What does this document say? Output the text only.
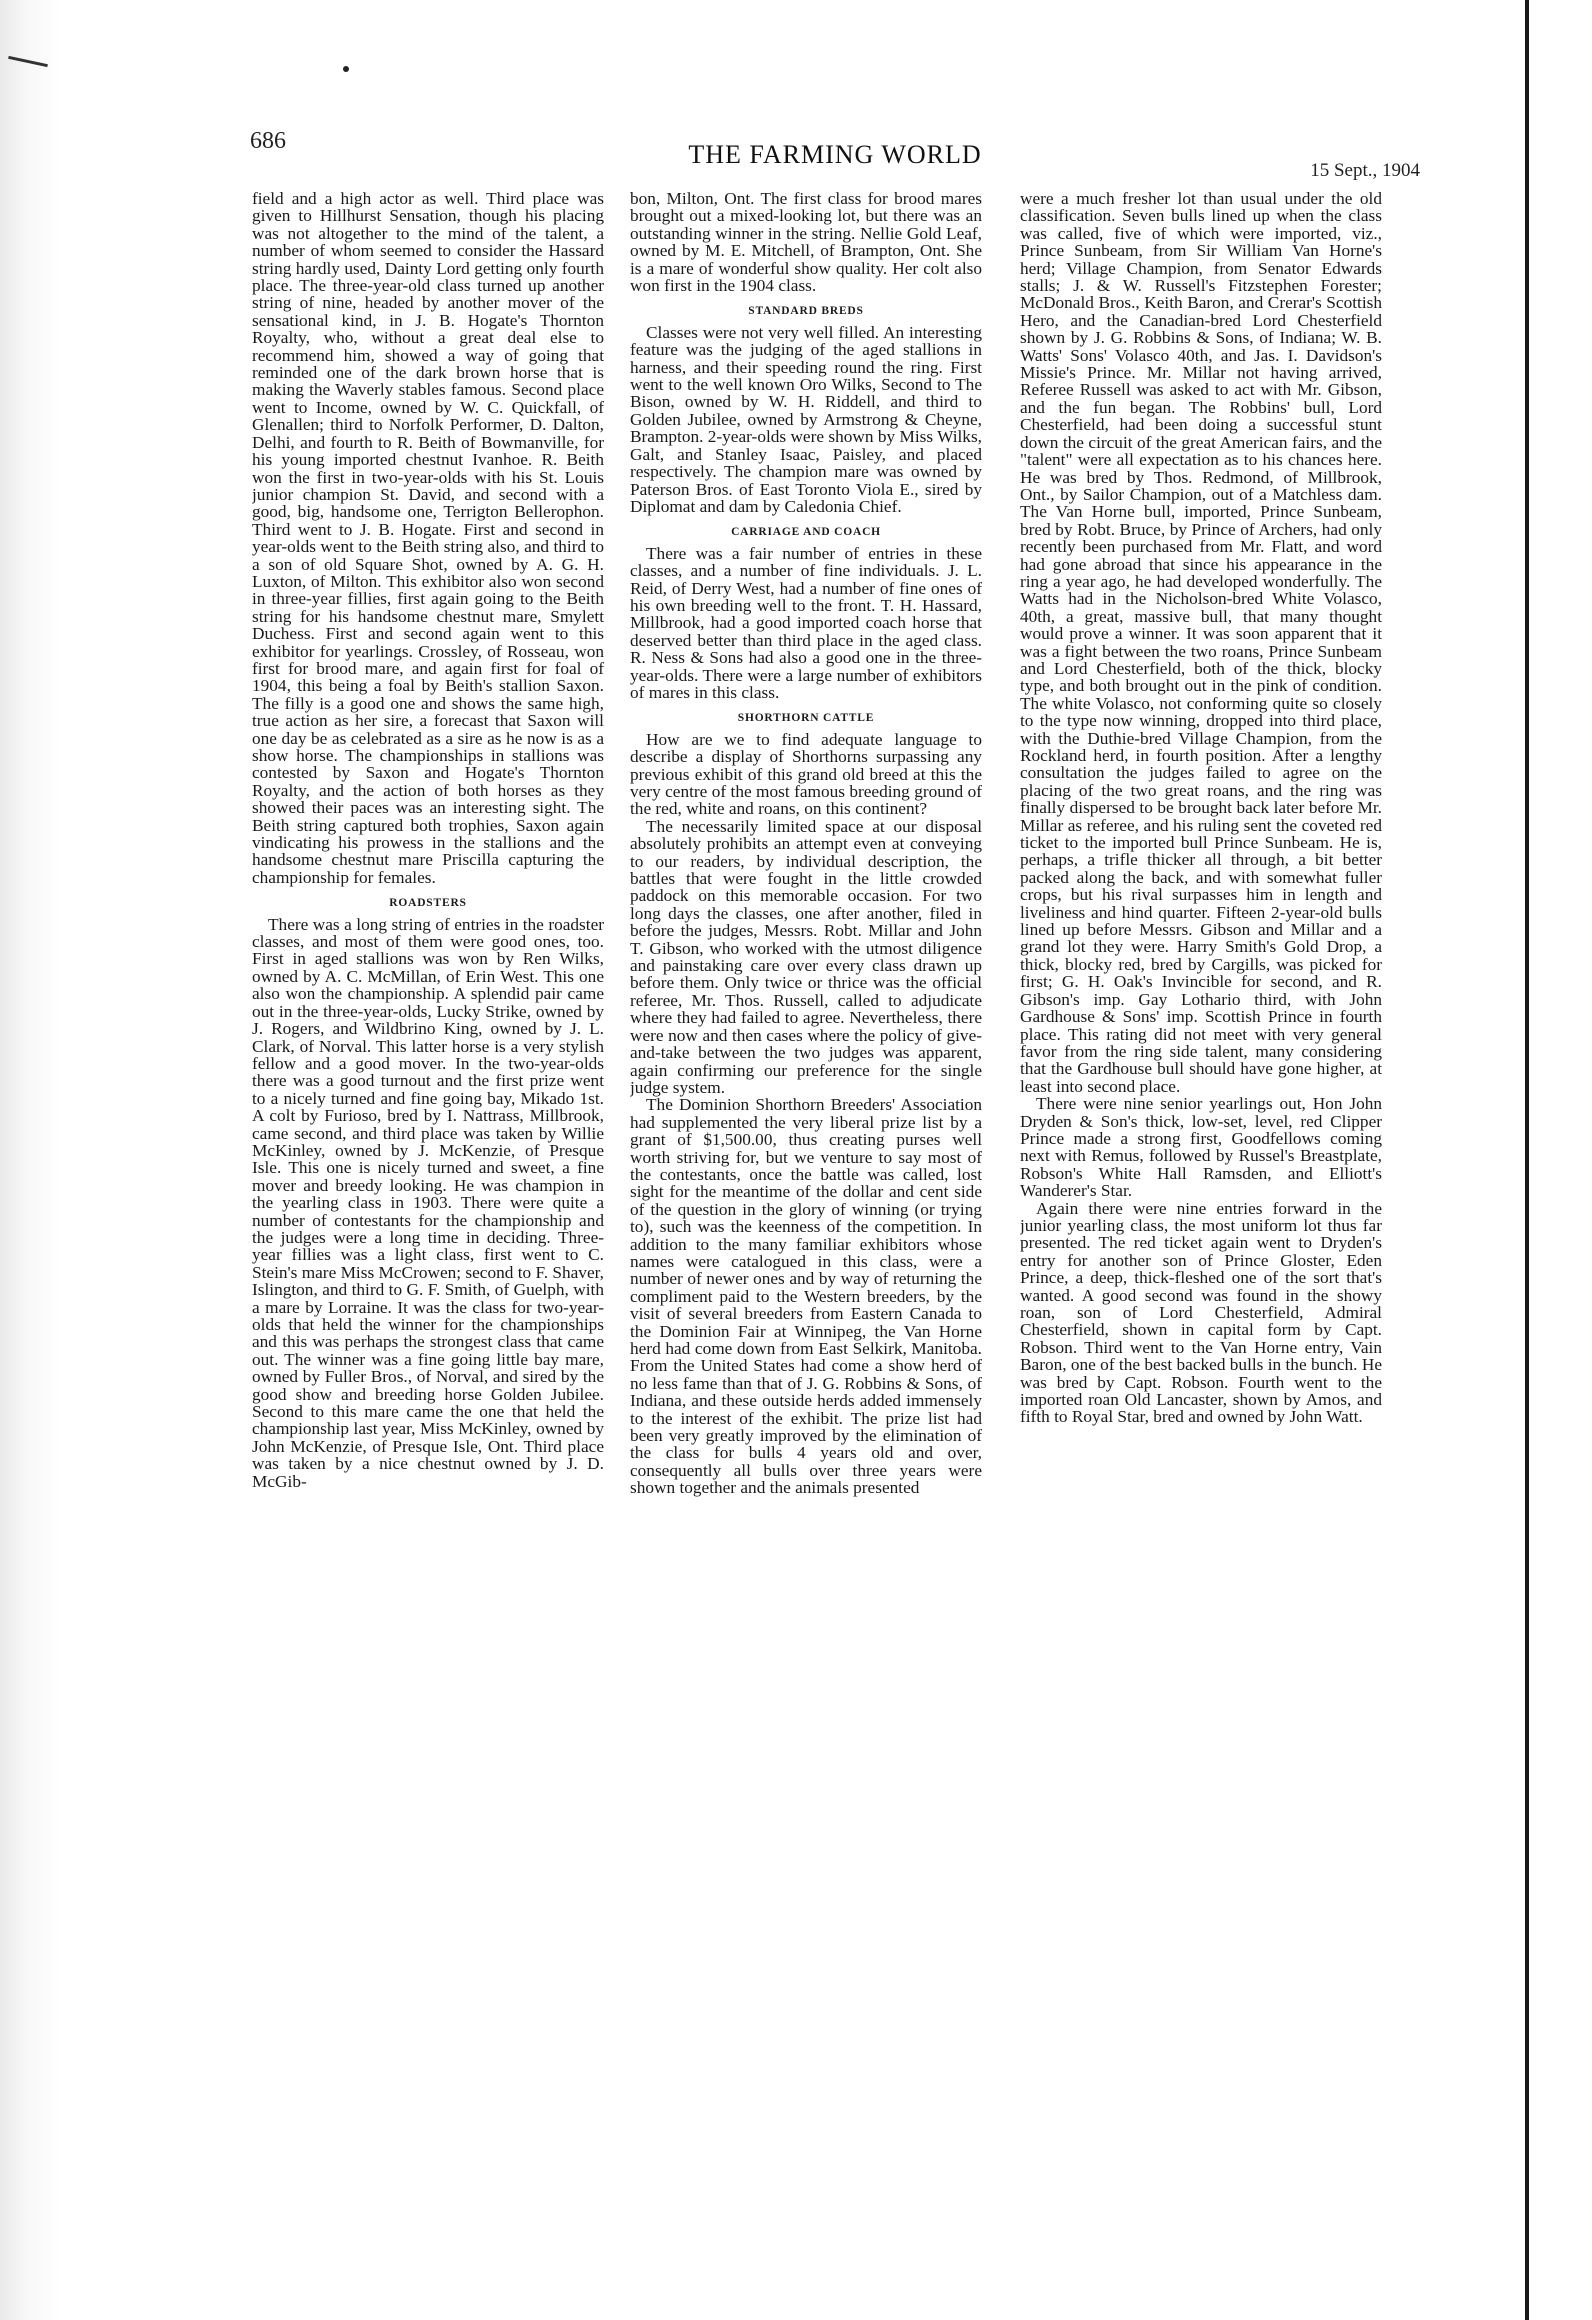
686	THE FARMING WORLD
15 Sept., 1904

field and a high actor as well. Third place was given to Hillhurst Sensation, though his placing was not altogether to the mind of the talent, a number of whom seemed to consider the Hassard string hardly used, Dainty Lord getting only fourth place. The three-year-old class turned up another string of nine, headed by another mover of the sensational kind, in J. B. Hogate's Thornton Royalty, who, without a great deal else to recommend him, showed a way of going that reminded one of the dark brown horse that is making the Waverly stables famous. Second place went to Income, owned by W. C. Quickfall, of Glenallen; third to Norfolk Performer, D. Dalton, Delhi, and fourth to R. Beith of Bowmanville, for his young imported chestnut Ivanhoe. R. Beith won the first in two-year-olds with his St. Louis junior champion St. David, and second with a good, big, handsome one, Terrigton Bellerophon. Third went to J. B. Hogate. First and second in year-olds went to the Beith string also, and third to a son of old Square Shot, owned by A. G. H. Luxton, of Milton. This exhibitor also won second in three-year fillies, first again going to the Beith string for his handsome chestnut mare, Smylett Duchess. First and second again went to this exhibitor for yearlings. Crossley, of Rosseau, won first for brood mare, and again first for foal of 1904, this being a foal by Beith's stallion Saxon. The filly is a good one and shows the same high, true action as her sire, a forecast that Saxon will one day be as celebrated as a sire as he now is as a show horse. The championships in stallions was contested by Saxon and Hogate's Thornton Royalty, and the action of both horses as they showed their paces was an interesting sight. The Beith string captured both trophies, Saxon again vindicating his prowess in the stallions and the handsome chestnut mare Priscilla capturing the championship for females.

ROADSTERS

There was a long string of entries in the roadster classes, and most of them were good ones, too. First in aged stallions was won by Ren Wilks, owned by A. C. McMillan, of Erin West. This one also won the championship. A splendid pair came out in the three-year-olds, Lucky Strike, owned by J. Rogers, and Wildbrino King, owned by J. L. Clark, of Norval. This latter horse is a very stylish fellow and a good mover. In the two-year-olds there was a good turnout and the first prize went to a nicely turned and fine going bay, Mikado 1st. A colt by Furioso, bred by I. Nattrass, Millbrook, came second, and third place was taken by Willie McKinley, owned by J. McKenzie, of Presque Isle. This one is nicely turned and sweet, a fine mover and breedy looking. He was champion in the yearling class in 1903. There were quite a number of contestants for the championship and the judges were a long time in deciding. Three-year fillies was a light class, first went to C. Stein's mare Miss McCrowen; second to F. Shaver, Islington, and third to G. F. Smith, of Guelph, with a mare by Lorraine. It was the class for two-year-olds that held the winner for the championships and this was perhaps the strongest class that came out. The winner was a fine going little bay mare, owned by Fuller Bros., of Norval, and sired by the good show and breeding horse Golden Jubilee. Second to this mare came the one that held the championship last year, Miss McKinley, owned by John McKenzie, of Presque Isle, Ont. Third place was taken by a nice chestnut owned by J. D. McGib-

bon, Milton, Ont. The first class for brood mares brought out a mixed-looking lot, but there was an outstanding winner in the string. Nellie Gold Leaf, owned by M. E. Mitchell, of Brampton, Ont. She is a mare of wonderful show quality. Her colt also won first in the 1904 class.

STANDARD BREDS

Classes were not very well filled. An interesting feature was the judging of the aged stallions in harness, and their speeding round the ring. First went to the well known Oro Wilks, Second to The Bison, owned by W. H. Riddell, and third to Golden Jubilee, owned by Armstrong & Cheyne, Brampton. 2-year-olds were shown by Miss Wilks, Galt, and Stanley Isaac, Paisley, and placed respectively. The champion mare was owned by Paterson Bros. of East Toronto Viola E., sired by Diplomat and dam by Caledonia Chief.

CARRIAGE AND COACH

There was a fair number of entries in these classes, and a number of fine individuals. J. L. Reid, of Derry West, had a number of fine ones of his own breeding well to the front. T. H. Hassard, Millbrook, had a good imported coach horse that deserved better than third place in the aged class. R. Ness & Sons had also a good one in the three-year-olds. There were a large number of exhibitors of mares in this class.

SHORTHORN CATTLE

How are we to find adequate language to describe a display of Shorthorns surpassing any previous exhibit of this grand old breed at this the very centre of the most famous breeding ground of the red, white and roans, on this continent?

The necessarily limited space at our disposal absolutely prohibits an attempt even at conveying to our readers, by individual description, the battles that were fought in the little crowded paddock on this memorable occasion. For two long days the classes, one after another, filed in before the judges, Messrs. Robt. Millar and John T. Gibson, who worked with the utmost diligence and painstaking care over every class drawn up before them. Only twice or thrice was the official referee, Mr. Thos. Russell, called to adjudicate where they had failed to agree. Nevertheless, there were now and then cases where the policy of give-and-take between the two judges was apparent, again confirming our preference for the single judge system.

The Dominion Shorthorn Breeders' Association had supplemented the very liberal prize list by a grant of $1,500.00, thus creating purses well worth striving for, but we venture to say most of the contestants, once the battle was called, lost sight for the meantime of the dollar and cent side of the question in the glory of winning (or trying to), such was the keenness of the competition. In addition to the many familiar exhibitors whose names were catalogued in this class, were a number of newer ones and by way of returning the compliment paid to the Western breeders, by the visit of several breeders from Eastern Canada to the Dominion Fair at Winnipeg, the Van Horne herd had come down from East Selkirk, Manitoba. From the United States had come a show herd of no less fame than that of J. G. Robbins & Sons, of Indiana, and these outside herds added immensely to the interest of the exhibit. The prize list had been very greatly improved by the elimination of the class for bulls 4 years old and over, consequently all bulls over three years were shown together and the animals presented

were a much fresher lot than usual under the old classification. Seven bulls lined up when the class was called, five of which were imported, viz., Prince Sunbeam, from Sir William Van Horne's herd; Village Champion, from Senator Edwards stalls; J. & W. Russell's Fitzstephen Forester; McDonald Bros., Keith Baron, and Crerar's Scottish Hero, and the Canadian-bred Lord Chesterfield shown by J. G. Robbins & Sons, of Indiana; W. B. Watts' Sons' Volasco 40th, and Jas. I. Davidson's Missie's Prince. Mr. Millar not having arrived, Referee Russell was asked to act with Mr. Gibson, and the fun began. The Robbins' bull, Lord Chesterfield, had been doing a successful stunt down the circuit of the great American fairs, and the "talent" were all expectation as to his chances here. He was bred by Thos. Redmond, of Millbrook, Ont., by Sailor Champion, out of a Matchless dam. The Van Horne bull, imported, Prince Sunbeam, bred by Robt. Bruce, by Prince of Archers, had only recently been purchased from Mr. Flatt, and word had gone abroad that since his appearance in the ring a year ago, he had developed wonderfully. The Watts had in the Nicholson-bred White Volasco, 40th, a great, massive bull, that many thought would prove a winner. It was soon apparent that it was a fight between the two roans, Prince Sunbeam and Lord Chesterfield, both of the thick, blocky type, and both brought out in the pink of condition. The white Volasco, not conforming quite so closely to the type now winning, dropped into third place, with the Duthie-bred Village Champion, from the Rockland herd, in fourth position. After a lengthy consultation the judges failed to agree on the placing of the two great roans, and the ring was finally dispersed to be brought back later before Mr. Millar as referee, and his ruling sent the coveted red ticket to the imported bull Prince Sunbeam. He is, perhaps, a trifle thicker all through, a bit better packed along the back, and with somewhat fuller crops, but his rival surpasses him in length and liveliness and hind quarter. Fifteen 2-year-old bulls lined up before Messrs. Gibson and Millar and a grand lot they were. Harry Smith's Gold Drop, a thick, blocky red, bred by Cargills, was picked for first; G. H. Oak's Invincible for second, and R. Gibson's imp. Gay Lothario third, with John Gardhouse & Sons' imp. Scottish Prince in fourth place. This rating did not meet with very general favor from the ring side talent, many considering that the Gardhouse bull should have gone higher, at least into second place.

There were nine senior yearlings out, Hon John Dryden & Son's thick, low-set, level, red Clipper Prince made a strong first, Goodfellows coming next with Remus, followed by Russel's Breastplate, Robson's White Hall Ramsden, and Elliott's Wanderer's Star.

Again there were nine entries forward in the junior yearling class, the most uniform lot thus far presented. The red ticket again went to Dryden's entry for another son of Prince Gloster, Eden Prince, a deep, thick-fleshed one of the sort that's wanted. A good second was found in the showy roan, son of Lord Chesterfield, Admiral Chesterfield, shown in capital form by Capt. Robson. Third went to the Van Horne entry, Vain Baron, one of the best backed bulls in the bunch. He was bred by Capt. Robson. Fourth went to the imported roan Old Lancaster, shown by Amos, and fifth to Royal Star, bred and owned by John Watt.
